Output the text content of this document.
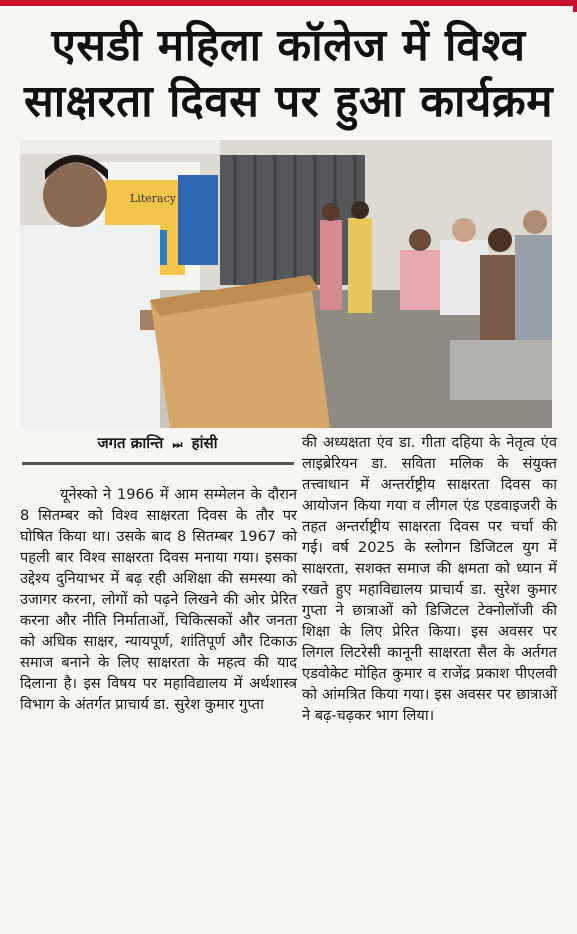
एसडी महिला कॉलेज में विश्व
साक्षरता दिवस पर हुआ कार्यक्रम
Literacy
जगत क्रान्ति ⏭ हांसी
यूनेस्को ने 1966 में आम सम्मेलन के दौरान 8 सितम्बर को विश्व साक्षरता दिवस के तौर पर घोषित किया था। उसके बाद 8 सितम्बर 1967 को पहली बार विश्व साक्षरता दिवस मनाया गया। इसका उद्देश्य दुनियाभर में बढ़ रही अशिक्षा की समस्या को उजागर करना, लोगों को पढ़ने लिखने की ओर प्रेरित करना और नीति निर्माताओं, चिकित्सकों और जनता को अधिक साक्षर, न्यायपूर्ण, शांतिपूर्ण और टिकाऊ समाज बनाने के लिए साक्षरता के महत्व की याद दिलाना है। इस विषय पर महाविद्यालय में अर्थशास्त्र विभाग के अंतर्गत प्राचार्य डा. सुरेश कुमार गुप्ता
की अध्यक्षता एंव डा. गीता दहिया के नेतृत्व एंव लाइब्रेरियन डा. सविता मलिक के संयुक्त तत्त्वाधान में अन्तर्राष्ट्रीय साक्षरता दिवस का आयोजन किया गया व लीगल एंड एडवाइजरी के तहत अन्तर्राष्ट्रीय साक्षरता दिवस पर चर्चा की गई। वर्ष 2025 के स्लोगन डिजिटल युग में साक्षरता, सशक्त समाज की क्षमता को ध्यान में रखते हुए महाविद्यालय प्राचार्य डा. सुरेश कुमार गुप्ता ने छात्राओं को डिजिटल टेक्नोलॉजी की शिक्षा के लिए प्रेरित किया। इस अवसर पर लिगल लिटरेसी कानूनी साक्षरता सैल के अर्तगत एडवोकेट मोहित कुमार व राजेंद्र प्रकाश पीएलवी को आंमत्रित किया गया। इस अवसर पर छात्राओं ने बढ़-चढ़कर भाग लिया।
